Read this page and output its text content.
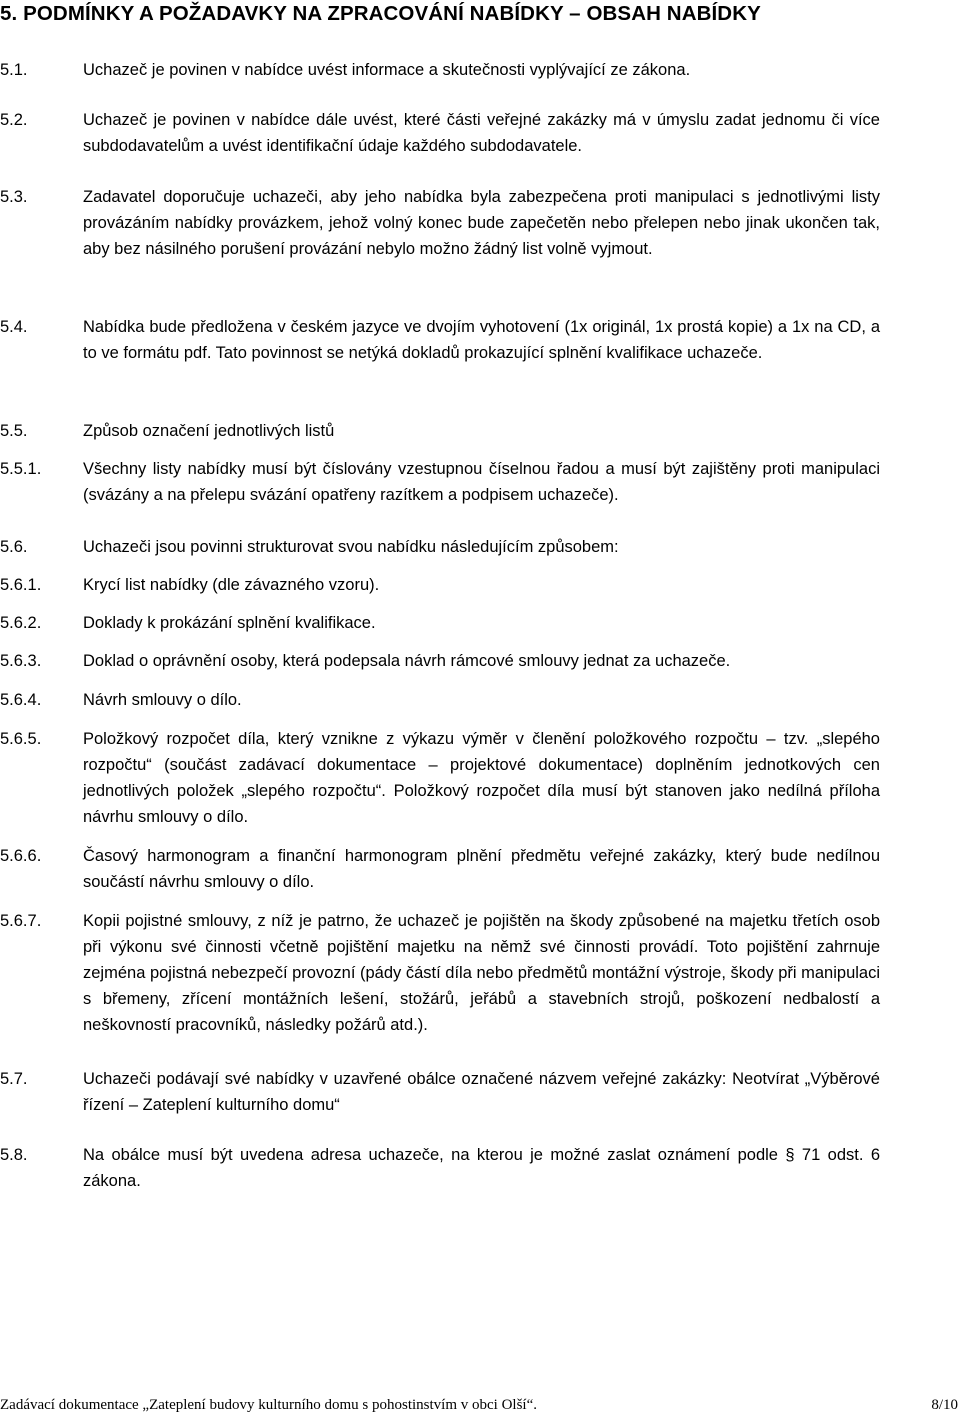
5. PODMÍNKY A POŽADAVKY NA ZPRACOVÁNÍ NABÍDKY – OBSAH NABÍDKY
5.1.	Uchazeč je povinen v nabídce uvést informace a skutečnosti vyplývající ze zákona.
5.2.	Uchazeč je povinen v nabídce dále uvést, které části veřejné zakázky má v úmyslu zadat jednomu či více subdodavatelům a uvést identifikační údaje každého subdodavatele.
5.3.	Zadavatel doporučuje uchazeči, aby jeho nabídka byla zabezpečena proti manipulaci s jednotlivými listy provázáním nabídky provázkem, jehož volný konec bude zapečetěn nebo přelepen nebo jinak ukončen tak, aby bez násilného porušení provázání nebylo možno žádný list volně vyjmout.
5.4.	Nabídka bude předložena v českém jazyce ve dvojím vyhotovení (1x originál, 1x prostá kopie) a 1x na CD, a to ve formátu pdf. Tato povinnost se netýká dokladů prokazující splnění kvalifikace uchazeče.
5.5.	Způsob označení jednotlivých listů
5.5.1.	Všechny listy nabídky musí být číslovány vzestupnou číselnou řadou a musí být zajištěny proti manipulaci (svázány a na přelepu svázání opatřeny razítkem a podpisem uchazeče).
5.6.	Uchazeči jsou povinni strukturovat svou nabídku následujícím způsobem:
5.6.1.	Krycí list nabídky (dle závazného vzoru).
5.6.2.	Doklady k prokázání splnění kvalifikace.
5.6.3.	Doklad o oprávnění osoby, která podepsala návrh rámcové smlouvy jednat za uchazeče.
5.6.4.	Návrh smlouvy o dílo.
5.6.5.	Položkový rozpočet díla, který vznikne z výkazu výměr v členění položkového rozpočtu – tzv. „slepého rozpočtu“ (součást zadávací dokumentace – projektové dokumentace) doplněním jednotkových cen jednotlivých položek „slepého rozpočtu“. Položkový rozpočet díla musí být stanoven jako nedílná příloha návrhu smlouvy o dílo.
5.6.6.	Časový harmonogram a finanční harmonogram plnění předmětu veřejné zakázky, který bude nedílnou součástí návrhu smlouvy o dílo.
5.6.7.	Kopii pojistné smlouvy, z níž je patrno, že uchazeč je pojištěn na škody způsobené na majetku třetích osob při výkonu své činnosti včetně pojištění majetku na němž své činnosti provádí. Toto pojištění zahrnuje zejména pojistná nebezpečí provozní (pády částí díla nebo předmětů montážní výstroje, škody při manipulaci s břemeny, zřícení montážních lešení, stožárů, jeřábů a stavebních strojů, poškození nedbalostí a neškovností pracovníků, následky požárů atd.).
5.7.	Uchazeči podávají své nabídky v uzavřené obálce označené názvem veřejné zakázky: Neotvírat „Výběrové řízení – Zateplení kulturního domu“
5.8.	Na obálce musí být uvedena adresa uchazeče, na kterou je možné zaslat oznámení podle § 71 odst. 6 zákona.
Zadávací dokumentace „Zateplení budovy kulturního domu s pohostinstvím v obci Olší“.	8/10
